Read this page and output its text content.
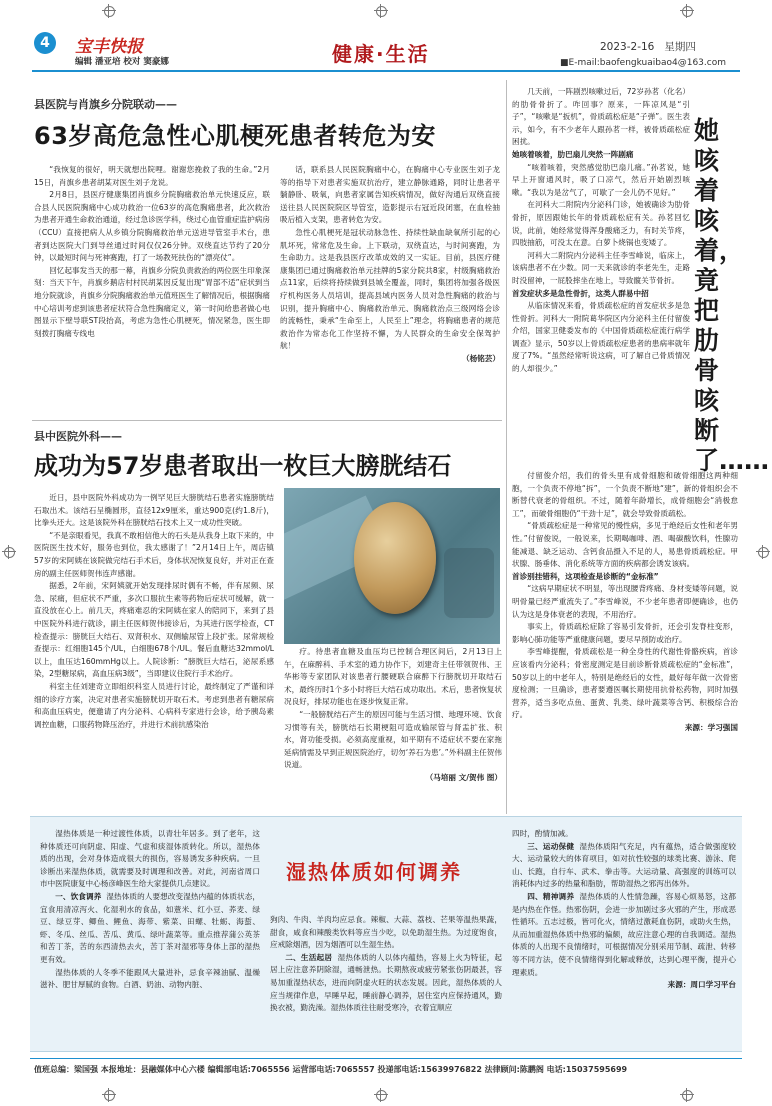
4	宝丰快报
编辑 潘亚培 校对 窦豪娜	健康·生活	2023-2-16 星期四
■E-mail:baofengkuaibao4@163.com
县医院与肖旗乡分院联动——
63岁高危急性心肌梗死患者转危为安

“我恢复的很好，明天就想出院哩。谢谢您挽救了我的生命。”2月15日，肖旗乡患者胡某对医生刘子龙说。

2月8日，县医疗健康集团肖旗乡分院胸痛救治单元快速反应，联合县人民医院胸痛中心成功救治一位63岁的高危胸痛患者，此次救治为患者开通生命救治通道，经过急诊医学科，绕过心血管重症监护病房（CCU）直接把病人从乡镇分院胸痛救治单元送进导管室手术台，患者到达医院大门到导丝通过时间仅仅26分钟。双绕直达节约了20分钟，以最短时间与死神赛跑，打了一场教死扶伤的“漂亮仗”。

回忆起事发当天的那一幕，肖旗乡分院负责救治的两位医生印象深刻：当天下午，肖旗乡鹅店村村民胡某因反复出现“胃部不适”症状到当地分院就诊，肖旗乡分院胸痛救治单元值班医生了解情况后，根据胸痛中心培训考虑到该患者症状符合急性胸痛定义，第一时间给患者做心电图显示下壁导联ST段抬高，考虑为急性心肌梗死，情况紧急，医生即刻拨打胸痛专线电

话，联系县人民医院胸痛中心，在胸痛中心专业医生刘子龙等的指导下对患者实施双抗治疗，建立静脉通路，同时让患者平躺静卧、吸氧，向患者家属告知疾病情况，做好沟通后双绕直接送往县人民医院院区导管室，造影提示右冠近段闭塞，在血栓抽吸后植入支架，患者转危为安。

急性心肌梗死是冠状动脉急性、持续性缺血缺氧所引起的心肌坏死，常常危及生命。上下联动，双绕直达，与时间赛跑，为生命助力。这是我县医疗改革成效的又一实证。目前，县医疗健康集团已通过胸痛救治单元挂牌的5家分院共8家，村级胸痛救治点11家，后续将持续做到县城全覆盖，同时，集团将加强各级医疗机构医务人员培训，提高县域内医务人员对急性胸痛的救治与识别，提升胸痛中心、胸痛救治单元、胸痛救治点三级网络会诊的流畅性，秉承“生命至上，人民至上”理念，将胸痛患者的规范救治作为常态化工作坚持不懈，为人民群众的生命安全保驾护航！

（杨铭芸）

县中医院外科——
成功为57岁患者取出一枚巨大膀胱结石

近日，县中医院外科成功为一例罕见巨大膀胱结石患者实施膀胱结石取出术。该结石呈椭圆形，直径12x9厘米，重达900克(约1.8斤)，比拳头还大。这是该院外科在膀胱结石技术上又一成功性突破。

“不是亲眼看见，我真不敢相信他大的石头是从我身上取下来的，中医院医生技术好，服务也到位，我太感谢了！”2月14日上午，周店镇57岁的宋阿姨在该院做完结石手术后，身体状况恢复良好，并对正在查房的副主任医师贺伟连声感谢。

据悉，2年前，宋阿姨就开始发现排尿时偶有不畅，伴有尿频、尿急、尿痛，但症状不严重，多次口服抗生素等药物后症状可缓解，就一直没放在心上。前几天，疼痛难忍的宋阿姨在家人的陪同下，来到了县中医院外科进行就诊，副主任医师贺伟接诊后，为其进行医学检查，CT检查提示：膀胱巨大结石、双肾积水、双侧输尿管上段扩张。尿常规检查提示：红细胞145个/UL，白细胞678个/UL。餐后血糖达32mmol/L以上，血压达160mmHg以上。人院诊断：“膀胱巨大结石，泌尿系感染，2型糖尿病，高血压病3级”，当即建议住院行手术治疗。

科室主任刘建奇立即组织科室人员进行讨论，最终制定了严谨和详细的诊疗方案，决定对患者实施膀胱切开取石术。考虑到患者有糖尿病和高血压病史，便邀请了内分泌科、心病科专家进行会诊，给予胰岛素调控血糖，口服药物降压治疗，并进行术前抗感染治

疗。待患者血糖及血压均已控制合理区间后，2月13日上午，在麻醉科、手术室的通力协作下，刘建奇主任带领贺伟、王华彬等专家团队对该患者行腰硬联合麻醉下行膀胱切开取结石术，最终历时1个多小时将巨大结石成功取出。术后，患者恢复状况良好，排尿功能也在逐步恢复正常。

“一般膀胱结石产生的原因可能与生活习惯、地理环境、饮食习惯等有关，膀胱结石长期梗阻可造成输尿管与肾盂扩张、积水，肾功能受损。必须高度重视，如平期有不适症状不要在家拖延病情需及早到正规医院治疗，切勿‘养石为患’。”外科副主任贺伟说道。

（马培丽 文/贺伟 图）

她咳着咳着，竟把肋骨咳断了……

几天前，一阵剧烈咳嗽过后，72岁孙茗（化名）的肋骨骨折了。咋回事？原来，一阵凉风是“引子”，“咳嗽是“扳机”，骨质疏松症是“子弹”。医生表示，如今，有不少老年人跟孙茗一样，被骨质疏松症困扰。

她咳着咳着，肋巴扇儿突然一阵剧痛

“咳着咳着，突然感觉肋巴扇儿痛。”孙茗说，她早上开窗通风时，吸了口凉气，然后开始剧烈咳嗽。“我以为是岔气了，可歇了一会儿仍不见好。”

在河科大二附院内分泌科门诊，她被确诊为肋骨骨折，原因跟她长年的骨质疏松症有关。孙茗回忆说，此前，她经常觉得浑身酸痛乏力，有时关节疼，四肢抽筋，可没太在意。白萝卜烧锅也变矮了。

河科大二附院内分泌科主任李雪峰说，临床上，该病患者不在少数。同一天来就诊的李老先生，走路时没留神，一屁股摔坐在地上，导致髋关节骨折。

首发症状多是急性骨折，这类人群易中招

从临床情况来看，骨质疏松症的首发症状多是急性骨折。河科大一附院葛华院区内分泌科主任付留俊介绍，国家卫健委发布的《中国骨质疏松症流行病学调查》显示，50岁以上骨质疏松症患者的患病率就年度了7%。“虽然经常听说这病，可了解自己骨质情况的人却很少。”

付留俊介绍，我们的骨头里有成骨细胞和破骨细胞这两种细胞，一个负责不停地“拆”，一个负责不断地“建”，新的骨组织会不断替代衰老的骨组织。不过，随着年龄增长，成骨细胞会“消极怠工”，而破骨细胞仍“干劲十足”，就会导致骨质疏松。

“骨质疏松症是一种常见的慢性病，多见于绝经后女性和老年男性。”付留俊说，一般说来，长期喝咖啡、酒、喝碳酸饮料，性腺功能减退、缺乏运动、含钙食品摄入不足的人，易患骨质疏松症。甲状腺、肠垂体、消化系统等方面的疾病都会诱发该病。

首诊别挂错科，这项检查是诊断的“金标准”

“这病早期症状不明显，等出现腰背疼痛、身材变矮等问题，说明骨量已经严重流失了。”李雪峰说，不少老年患者即便确诊，也仍认为这是身体衰老的表现，不用治疗。

事实上，骨质疏松症除了容易引发骨折，还会引发脊柱变形，影响心肺功能等严重健康问题，要尽早预防或治疗。

李雪峰提醒，骨质疏松是一种全身性的代谢性骨骼疾病，首诊应该看内分泌科；骨密度测定是目前诊断骨质疏松症的“金标准”，50岁以上的中老年人，特别是绝经后的女性，最好每年做一次骨密度检测；一旦确诊，患者要遵医嘱长期使用抗骨松药物，同时加强营养，适当多吃点鱼、蛋黄、乳类、绿叶蔬菜等含钙、积极综合治疗。

来源：学习强国

湿热体质是一种过渡性体质，以青壮年居多。到了老年，这种体质还可向阴虚、阳虚、气虚和痰湿体质转化。所以，湿热体质的出现，会对身体造成很大的损伤，容易诱发多种疾病。一旦诊断出来湿热体质，就需要及时调理和改善。对此，河南省周口市中医院康复中心杨彦峰医生给大家提供几点建议。

一、饮食调养 湿热体质的人要想改变湿热内蕴的体质状态，宜食用清凉泻火、化湿利水的食品，如薏米、红小豆、荞麦、绿豆、绿豆芽、鲫鱼、鲤鱼、海带、紫菜、田螺、牡蛎、海蜇、虾、冬瓜、丝瓜、苦瓜、黄瓜、绿叶蔬菜等。重点推荐蒲公英茶和苦丁茶，苦的东西清热去火，苦丁茶对湿邪等身体上部的湿热更有效。

湿热体质的人冬季不能跟风大量进补，忌食辛辣油腻、温燥滋补、肥甘厚腻的食物。白酒、奶油、动物内脏、

湿热体质如何调养

狗肉、牛肉、羊肉均应忌食。辣椒、大蒜、荔枝、芒果等温热果蔬，甜食，咸食和辣酸类饮料等应当少吃，以免助湿生热。为过度饱食，应戒除烟酒，因为烟酒可以生湿生热。

二、生活起居 湿热体质的人以体内蕴热，容易上火为特征，起居上应注意养阴除湿，通畅泄热。长期熬夜或疲劳紧张伤阴最甚，容易加重湿热状态，进而向阴虚火旺的状态发展。因此，湿热体质的人应当规律作息，早睡早起，睡前静心调养，居住室内应保持通风，勤换衣被，勤洗澡。湿热体质往往耐受寒冷，衣着宜顺应

四时，酌情加减。

三、运动保健 湿热体质阳气充足，内有蕴热，适合做强度较大、运动量较大的体育项目，如对抗性较强的球类比赛、游泳、爬山、长跑，自行车、武术、拳击等。大运动量、高强度的训练可以消耗体内过多的热量和脂肪，帮助湿热之邪泻出体外。

四、精神调养 湿热体质的人性情急躁，容易心烦易怒，这都是内热在作怪。热邪伤阴，会进一步加剧过多火邪的产生，形成恶性循环。五志过极，皆可化火，情绪过激耗血伤阴，或助火生热，从而加重湿热体质中热邪的偏颇，故应注意心理的自我调适。湿热体质的人出现不良情绪时，可根据情况分别采用节制、疏泄、转移等不同方法，使不良情绪得到化解或释放，达到心理平衡，提升心理素质。

来源：周口学习平台

值班总编：梁国强 本报地址：县融媒体中心六楼 编辑部电话:7065556 运营部电话:7065557 投递部电话:15639976822 法律顾问:陈鹏阁 电话:15037595699
